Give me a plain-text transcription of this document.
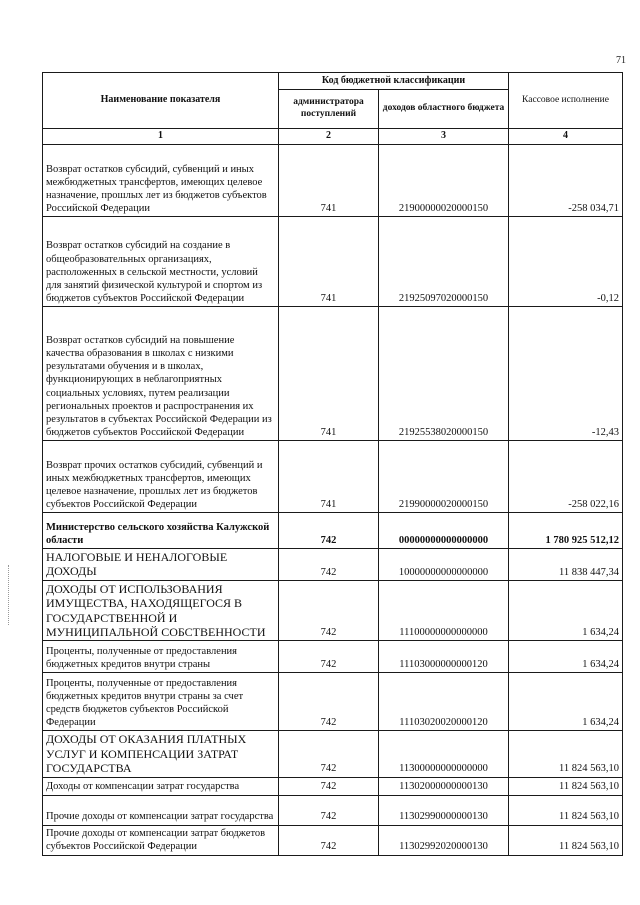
71
Наименование показателя	Код бюджетной классификации		Кассовое исполнение
	администратора поступлений	доходов областного бюджета	
1	2	3	4
Возврат остатков субсидий, субвенций и иных межбюджетных трансфертов, имеющих целевое назначение, прошлых лет из бюджетов субъектов Российской Федерации	741	21900000020000150	-258 034,71
Возврат остатков субсидий на создание в общеобразовательных организациях, расположенных в сельской местности, условий для занятий физической культурой и спортом из бюджетов субъектов Российской Федерации	741	21925097020000150	-0,12
Возврат остатков субсидий на повышение качества образования в школах с низкими результатами обучения и в школах, функционирующих в неблагоприятных социальных условиях, путем реализации региональных проектов и распространения их результатов в субъектах Российской Федерации из бюджетов субъектов Российской Федерации	741	21925538020000150	-12,43
Возврат прочих остатков субсидий, субвенций и иных межбюджетных трансфертов, имеющих целевое назначение, прошлых лет из бюджетов субъектов Российской Федерации	741	21990000020000150	-258 022,16
Министерство сельского хозяйства Калужской области	742	00000000000000000	1 780 925 512,12
НАЛОГОВЫЕ И НЕНАЛОГОВЫЕ ДОХОДЫ	742	10000000000000000	11 838 447,34
ДОХОДЫ ОТ ИСПОЛЬЗОВАНИЯ ИМУЩЕСТВА, НАХОДЯЩЕГОСЯ В ГОСУДАРСТВЕННОЙ И МУНИЦИПАЛЬНОЙ СОБСТВЕННОСТИ	742	11100000000000000	1 634,24
Проценты, полученные от предоставления бюджетных кредитов внутри страны	742	11103000000000120	1 634,24
Проценты, полученные от предоставления бюджетных кредитов внутри страны за счет средств бюджетов субъектов Российской Федерации	742	11103020020000120	1 634,24
ДОХОДЫ ОТ ОКАЗАНИЯ ПЛАТНЫХ УСЛУГ И КОМПЕНСАЦИИ ЗАТРАТ ГОСУДАРСТВА	742	11300000000000000	11 824 563,10
Доходы от компенсации затрат государства	742	11302000000000130	11 824 563,10
Прочие доходы от компенсации затрат государства	742	11302990000000130	11 824 563,10
Прочие доходы от компенсации затрат бюджетов субъектов Российской Федерации	742	11302992020000130	11 824 563,10
